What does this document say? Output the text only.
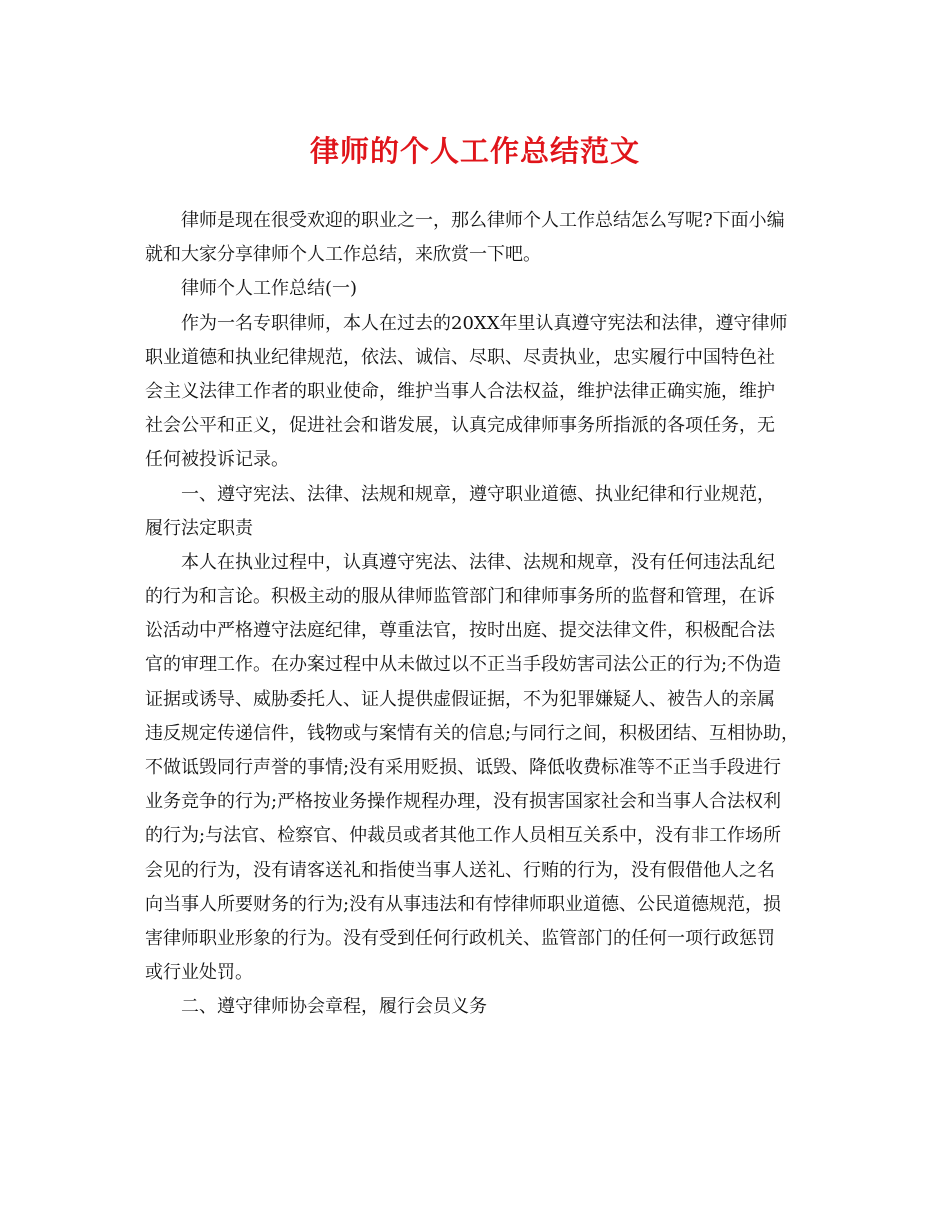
律师的个人工作总结范文
律师是现在很受欢迎的职业之一，那么律师个人工作总结怎么写呢?下面小编
就和大家分享律师个人工作总结，来欣赏一下吧。
律师个人工作总结(一)
作为一名专职律师，本人在过去的20XX年里认真遵守宪法和法律，遵守律师
职业道德和执业纪律规范，依法、诚信、尽职、尽责执业，忠实履行中国特色社
会主义法律工作者的职业使命，维护当事人合法权益，维护法律正确实施，维护
社会公平和正义，促进社会和谐发展，认真完成律师事务所指派的各项任务，无
任何被投诉记录。
一、遵守宪法、法律、法规和规章，遵守职业道德、执业纪律和行业规范，
履行法定职责
本人在执业过程中，认真遵守宪法、法律、法规和规章，没有任何违法乱纪
的行为和言论。积极主动的服从律师监管部门和律师事务所的监督和管理，在诉
讼活动中严格遵守法庭纪律，尊重法官，按时出庭、提交法律文件，积极配合法
官的审理工作。在办案过程中从未做过以不正当手段妨害司法公正的行为;不伪造
证据或诱导、威胁委托人、证人提供虚假证据，不为犯罪嫌疑人、被告人的亲属
违反规定传递信件，钱物或与案情有关的信息;与同行之间，积极团结、互相协助，
不做诋毁同行声誉的事情;没有采用贬损、诋毁、降低收费标准等不正当手段进行
业务竞争的行为;严格按业务操作规程办理，没有损害国家社会和当事人合法权利
的行为;与法官、检察官、仲裁员或者其他工作人员相互关系中，没有非工作场所
会见的行为，没有请客送礼和指使当事人送礼、行贿的行为，没有假借他人之名
向当事人所要财务的行为;没有从事违法和有悖律师职业道德、公民道德规范，损
害律师职业形象的行为。没有受到任何行政机关、监管部门的任何一项行政惩罚
或行业处罚。
二、遵守律师协会章程，履行会员义务
